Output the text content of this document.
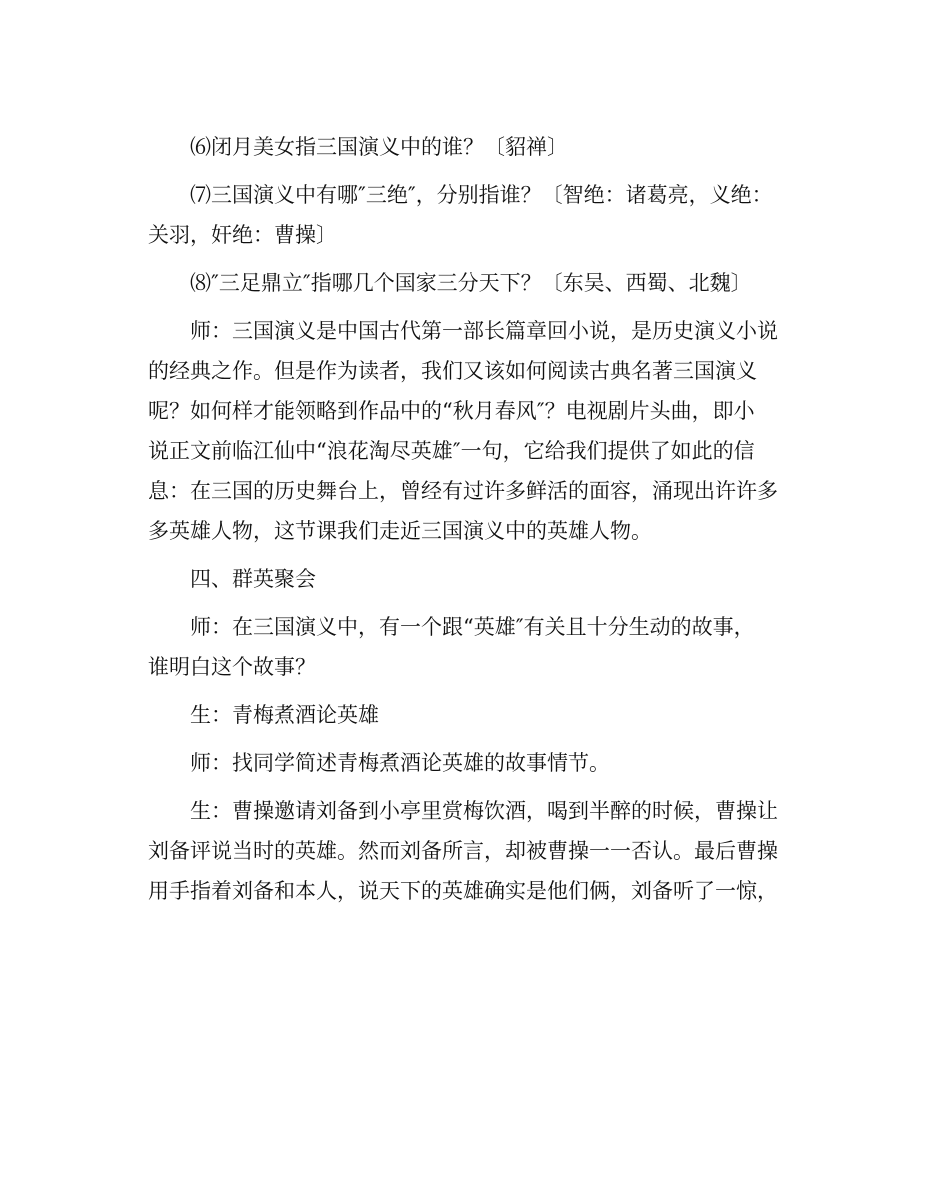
⑹闭月美女指三国演义中的谁？〔貂禅〕
⑺三国演义中有哪″三绝″，分别指谁？〔智绝：诸葛亮，义绝：
关羽，奸绝：曹操〕
⑻″三足鼎立″指哪几个国家三分天下？〔东吴、西蜀、北魏〕
师：三国演义是中国古代第一部长篇章回小说，是历史演义小说
的经典之作。但是作为读者，我们又该如何阅读古典名著三国演义
呢？如何样才能领略到作品中的“秋月春风″？电视剧片头曲，即小
说正文前临江仙中“浪花淘尽英雄″一句，它给我们提供了如此的信
息：在三国的历史舞台上，曾经有过许多鲜活的面容，涌现出许许多
多英雄人物，这节课我们走近三国演义中的英雄人物。
四、群英聚会
师：在三国演义中，有一个跟“英雄″有关且十分生动的故事，
谁明白这个故事？
生：青梅煮酒论英雄
师：找同学简述青梅煮酒论英雄的故事情节。
生：曹操邀请刘备到小亭里赏梅饮酒，喝到半醉的时候，曹操让
刘备评说当时的英雄。然而刘备所言，却被曹操一一否认。最后曹操
用手指着刘备和本人，说天下的英雄确实是他们俩，刘备听了一惊，
